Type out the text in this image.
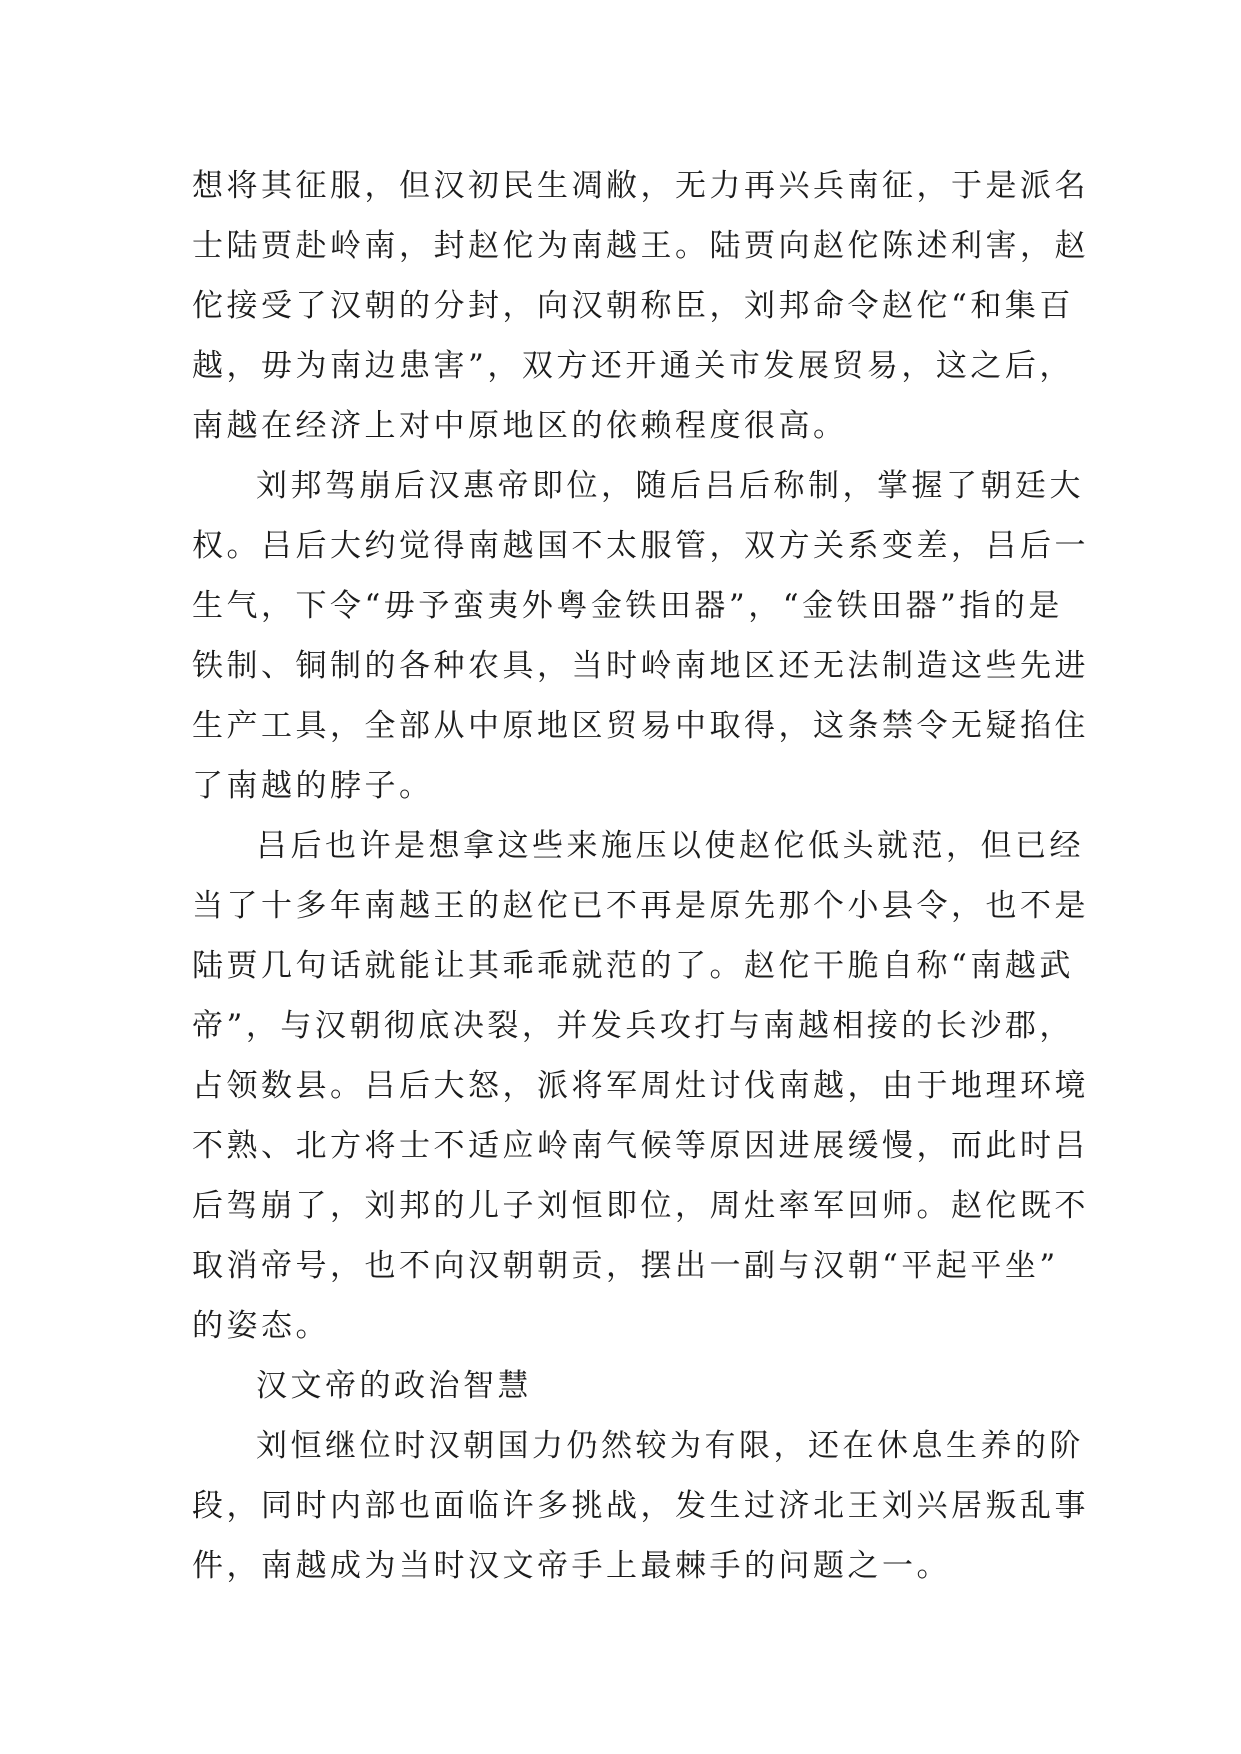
想将其征服，但汉初民生凋敝，无力再兴兵南征，于是派名
士陆贾赴岭南，封赵佗为南越王。陆贾向赵佗陈述利害，赵
佗接受了汉朝的分封，向汉朝称臣，刘邦命令赵佗“和集百
越，毋为南边患害”，双方还开通关市发展贸易，这之后，
南越在经济上对中原地区的依赖程度很高。
刘邦驾崩后汉惠帝即位，随后吕后称制，掌握了朝廷大
权。吕后大约觉得南越国不太服管，双方关系变差，吕后一
生气，下令“毋予蛮夷外粤金铁田器”，“金铁田器”指的是
铁制、铜制的各种农具，当时岭南地区还无法制造这些先进
生产工具，全部从中原地区贸易中取得，这条禁令无疑掐住
了南越的脖子。
吕后也许是想拿这些来施压以使赵佗低头就范，但已经
当了十多年南越王的赵佗已不再是原先那个小县令，也不是
陆贾几句话就能让其乖乖就范的了。赵佗干脆自称“南越武
帝”，与汉朝彻底决裂，并发兵攻打与南越相接的长沙郡，
占领数县。吕后大怒，派将军周灶讨伐南越，由于地理环境
不熟、北方将士不适应岭南气候等原因进展缓慢，而此时吕
后驾崩了，刘邦的儿子刘恒即位，周灶率军回师。赵佗既不
取消帝号，也不向汉朝朝贡，摆出一副与汉朝“平起平坐”
的姿态。
汉文帝的政治智慧
刘恒继位时汉朝国力仍然较为有限，还在休息生养的阶
段，同时内部也面临许多挑战，发生过济北王刘兴居叛乱事
件，南越成为当时汉文帝手上最棘手的问题之一。
